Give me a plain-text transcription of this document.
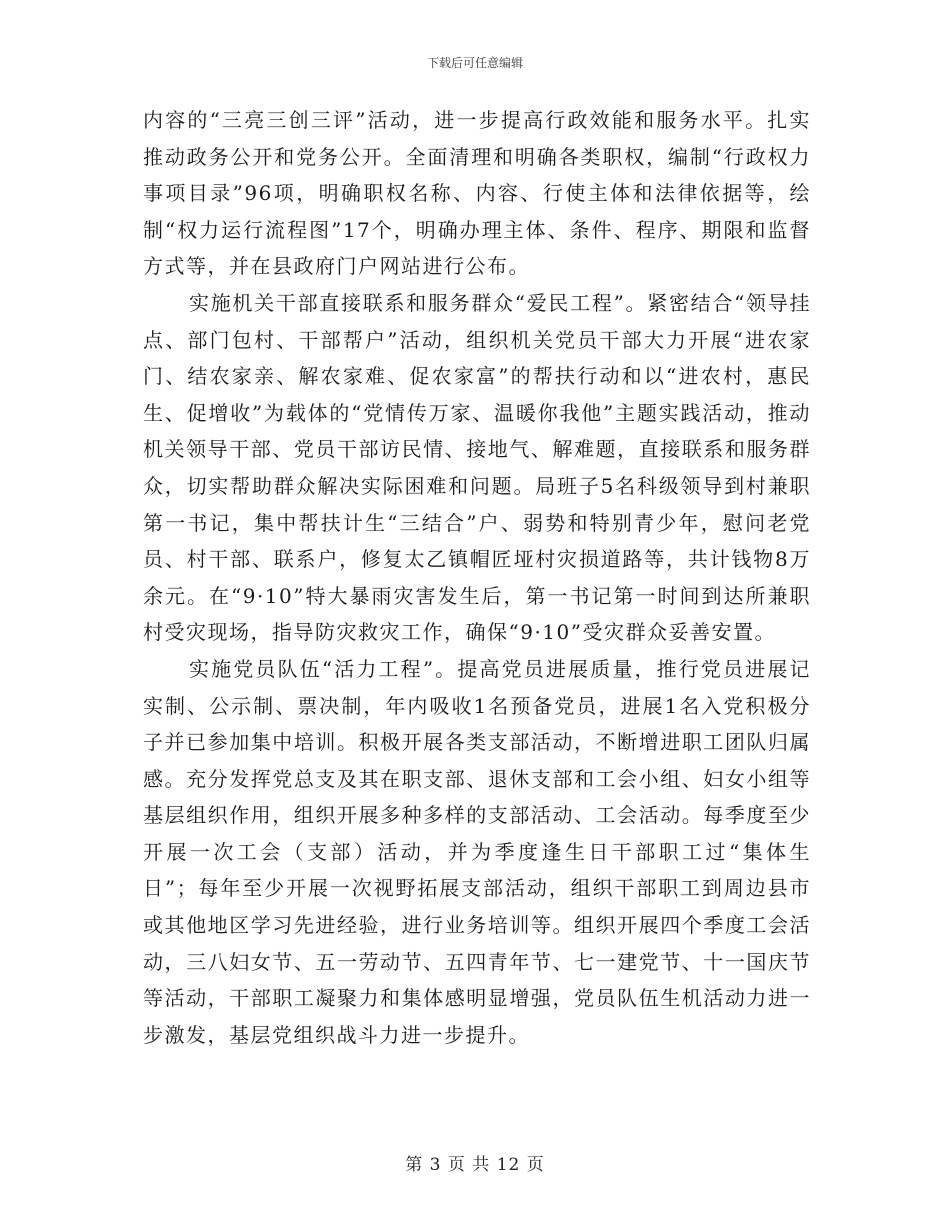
下载后可任意编辑

内容的“三亮三创三评”活动，进一步提高行政效能和服务水平。扎实推动政务公开和党务公开。全面清理和明确各类职权，编制“行政权力事项目录”96项，明确职权名称、内容、行使主体和法律依据等，绘制“权力运行流程图”17个，明确办理主体、条件、程序、期限和监督方式等，并在县政府门户网站进行公布。

实施机关干部直接联系和服务群众“爱民工程”。紧密结合“领导挂点、部门包村、干部帮户”活动，组织机关党员干部大力开展“进农家门、结农家亲、解农家难、促农家富”的帮扶行动和以“进农村，惠民生、促增收”为载体的“党情传万家、温暖你我他”主题实践活动，推动机关领导干部、党员干部访民情、接地气、解难题，直接联系和服务群众，切实帮助群众解决实际困难和问题。局班子5名科级领导到村兼职第一书记，集中帮扶计生“三结合”户、弱势和特别青少年，慰问老党员、村干部、联系户，修复太乙镇帽匠垭村灾损道路等，共计钱物8万余元。在“9·10”特大暴雨灾害发生后，第一书记第一时间到达所兼职村受灾现场，指导防灾救灾工作，确保“9·10”受灾群众妥善安置。

实施党员队伍“活力工程”。提高党员进展质量，推行党员进展记实制、公示制、票决制，年内吸收1名预备党员，进展1名入党积极分子并已参加集中培训。积极开展各类支部活动，不断增进职工团队归属感。充分发挥党总支及其在职支部、退休支部和工会小组、妇女小组等基层组织作用，组织开展多种多样的支部活动、工会活动。每季度至少开展一次工会（支部）活动，并为季度逢生日干部职工过“集体生日”；每年至少开展一次视野拓展支部活动，组织干部职工到周边县市或其他地区学习先进经验，进行业务培训等。组织开展四个季度工会活动，三八妇女节、五一劳动节、五四青年节、七一建党节、十一国庆节等活动，干部职工凝聚力和集体感明显增强，党员队伍生机活动力进一步激发，基层党组织战斗力进一步提升。

第 3 页 共 12 页
